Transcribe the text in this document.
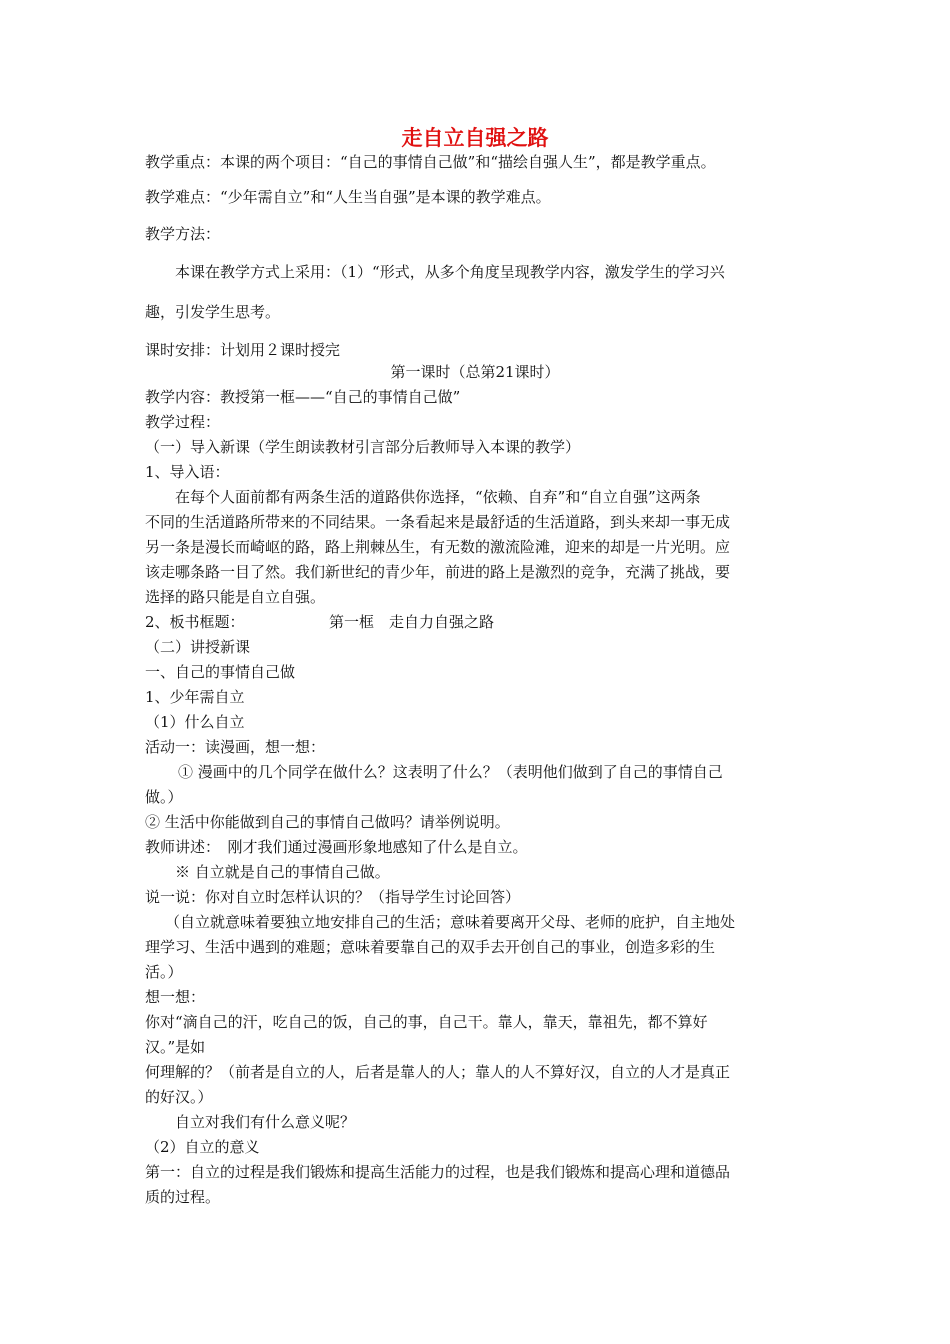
走自立自强之路
教学重点：本课的两个项目：“自己的事情自己做”和“描绘自强人生”，都是教学重点。
教学难点：“少年需自立”和“人生当自强”是本课的教学难点。
教学方法：
本课在教学方式上采用：（1）“形式，从多个角度呈现教学内容，激发学生的学习兴
趣，引发学生思考。
课时安排：计划用２课时授完
第一课时（总第21课时）
教学内容：教授第一框——“自己的事情自己做”
教学过程：
（一）导入新课（学生朗读教材引言部分后教师导入本课的教学）
1、导入语：
在每个人面前都有两条生活的道路供你选择，“依赖、自弃”和“自立自强”这两条
不同的生活道路所带来的不同结果。一条看起来是最舒适的生活道路，到头来却一事无成
另一条是漫长而崎岖的路，路上荆棘丛生，有无数的激流险滩，迎来的却是一片光明。应
该走哪条路一目了然。我们新世纪的青少年，前进的路上是激烈的竞争，充满了挑战，要
选择的路只能是自立自强。
2、板书框题：	第一框　走自力自强之路
（二）讲授新课
一、自己的事情自己做
1、少年需自立
（1）什么自立
活动一：读漫画，想一想：
① 漫画中的几个同学在做什么？这表明了什么？（表明他们做到了自己的事情自己
做。）
② 生活中你能做到自己的事情自己做吗？请举例说明。
教师讲述：　刚才我们通过漫画形象地感知了什么是自立。
※ 自立就是自己的事情自己做。
说一说：你对自立时怎样认识的？（指导学生讨论回答）
（自立就意味着要独立地安排自己的生活；意味着要离开父母、老师的庇护，自主地处
理学习、生活中遇到的难题；意味着要靠自己的双手去开创自己的事业，创造多彩的生
活。）
想一想：
你对“滴自己的汗，吃自己的饭，自己的事，自己干。靠人，靠天，靠祖先，都不算好
汉。”是如
何理解的？（前者是自立的人，后者是靠人的人；靠人的人不算好汉，自立的人才是真正
的好汉。）
自立对我们有什么意义呢？
（2）自立的意义
第一：自立的过程是我们锻炼和提高生活能力的过程，也是我们锻炼和提高心理和道德品
质的过程。
